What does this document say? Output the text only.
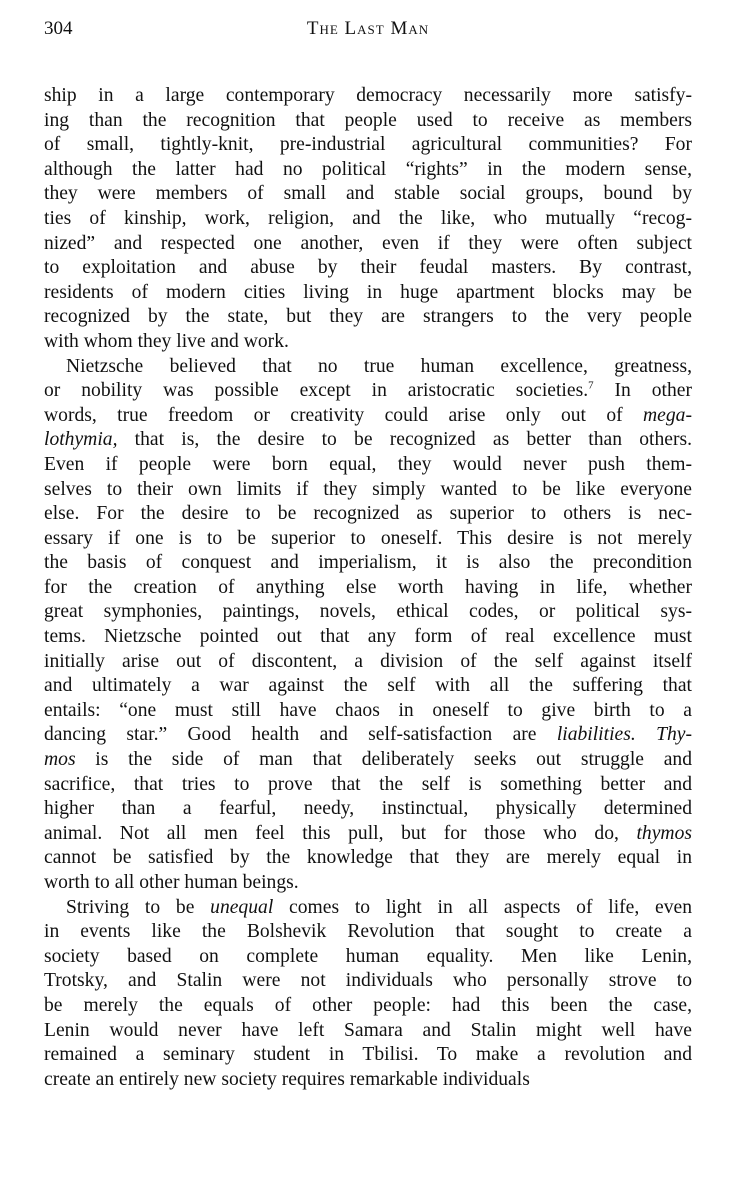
304	The Last Man
ship in a large contemporary democracy necessarily more satisfy-
ing than the recognition that people used to receive as members
of small, tightly-knit, pre-industrial agricultural communities? For
although the latter had no political “rights” in the modern sense,
they were members of small and stable social groups, bound by
ties of kinship, work, religion, and the like, who mutually “recog-
nized” and respected one another, even if they were often subject
to exploitation and abuse by their feudal masters. By contrast,
residents of modern cities living in huge apartment blocks may be
recognized by the state, but they are strangers to the very people
with whom they live and work.
Nietzsche believed that no true human excellence, greatness,
or nobility was possible except in aristocratic societies.$^7$ In other
words, true freedom or creativity could arise only out of mega-
lothymia, that is, the desire to be recognized as better than others.
Even if people were born equal, they would never push them-
selves to their own limits if they simply wanted to be like everyone
else. For the desire to be recognized as superior to others is nec-
essary if one is to be superior to oneself. This desire is not merely
the basis of conquest and imperialism, it is also the precondition
for the creation of anything else worth having in life, whether
great symphonies, paintings, novels, ethical codes, or political sys-
tems. Nietzsche pointed out that any form of real excellence must
initially arise out of discontent, a division of the self against itself
and ultimately a war against the self with all the suffering that
entails: “one must still have chaos in oneself to give birth to a
dancing star.” Good health and self-satisfaction are liabilities. Thy-
mos is the side of man that deliberately seeks out struggle and
sacrifice, that tries to prove that the self is something better and
higher than a fearful, needy, instinctual, physically determined
animal. Not all men feel this pull, but for those who do, thymos
cannot be satisfied by the knowledge that they are merely equal in
worth to all other human beings.
Striving to be unequal comes to light in all aspects of life, even
in events like the Bolshevik Revolution that sought to create a
society based on complete human equality. Men like Lenin,
Trotsky, and Stalin were not individuals who personally strove to
be merely the equals of other people: had this been the case,
Lenin would never have left Samara and Stalin might well have
remained a seminary student in Tbilisi. To make a revolution and
create an entirely new society requires remarkable individuals
